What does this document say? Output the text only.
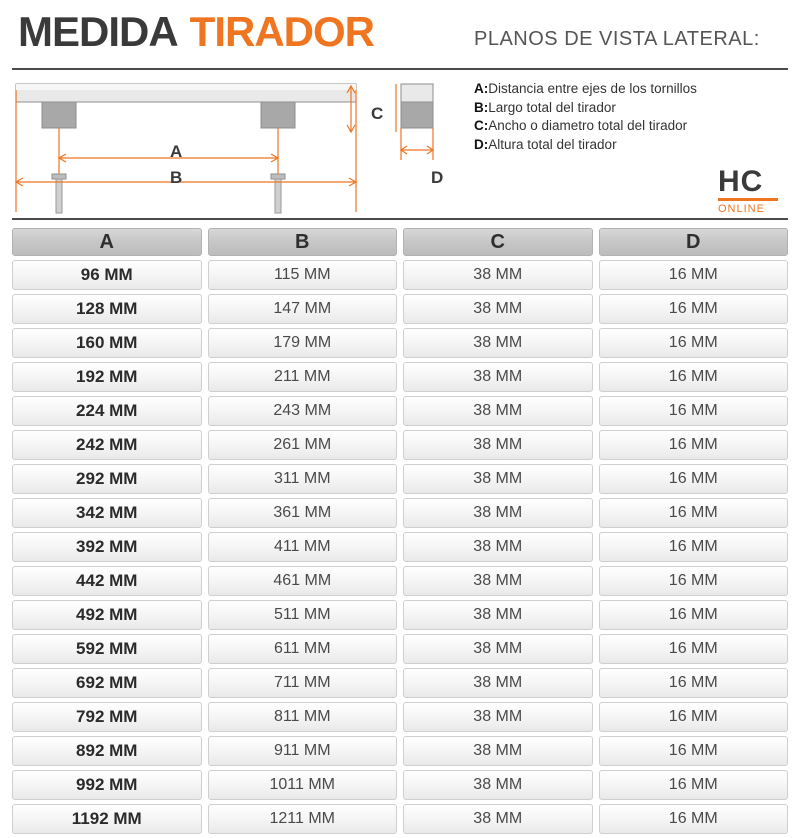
MEDIDA TIRADOR	PLANOS DE VISTA LATERAL:
A
B
C
D
A:Distancia entre ejes de los tornillos
B:Largo total del tirador
C:Ancho o diametro total del tirador
D:Altura total del tirador
HC
ONLINE
A	B	C	D
96 MM	115 MM	38 MM	16 MM
128 MM	147 MM	38 MM	16 MM
160 MM	179 MM	38 MM	16 MM
192 MM	211 MM	38 MM	16 MM
224 MM	243 MM	38 MM	16 MM
242 MM	261 MM	38 MM	16 MM
292 MM	311 MM	38 MM	16 MM
342 MM	361 MM	38 MM	16 MM
392 MM	411 MM	38 MM	16 MM
442 MM	461 MM	38 MM	16 MM
492 MM	511 MM	38 MM	16 MM
592 MM	611 MM	38 MM	16 MM
692 MM	711 MM	38 MM	16 MM
792 MM	811 MM	38 MM	16 MM
892 MM	911 MM	38 MM	16 MM
992 MM	1011 MM	38 MM	16 MM
1192 MM	1211 MM	38 MM	16 MM
